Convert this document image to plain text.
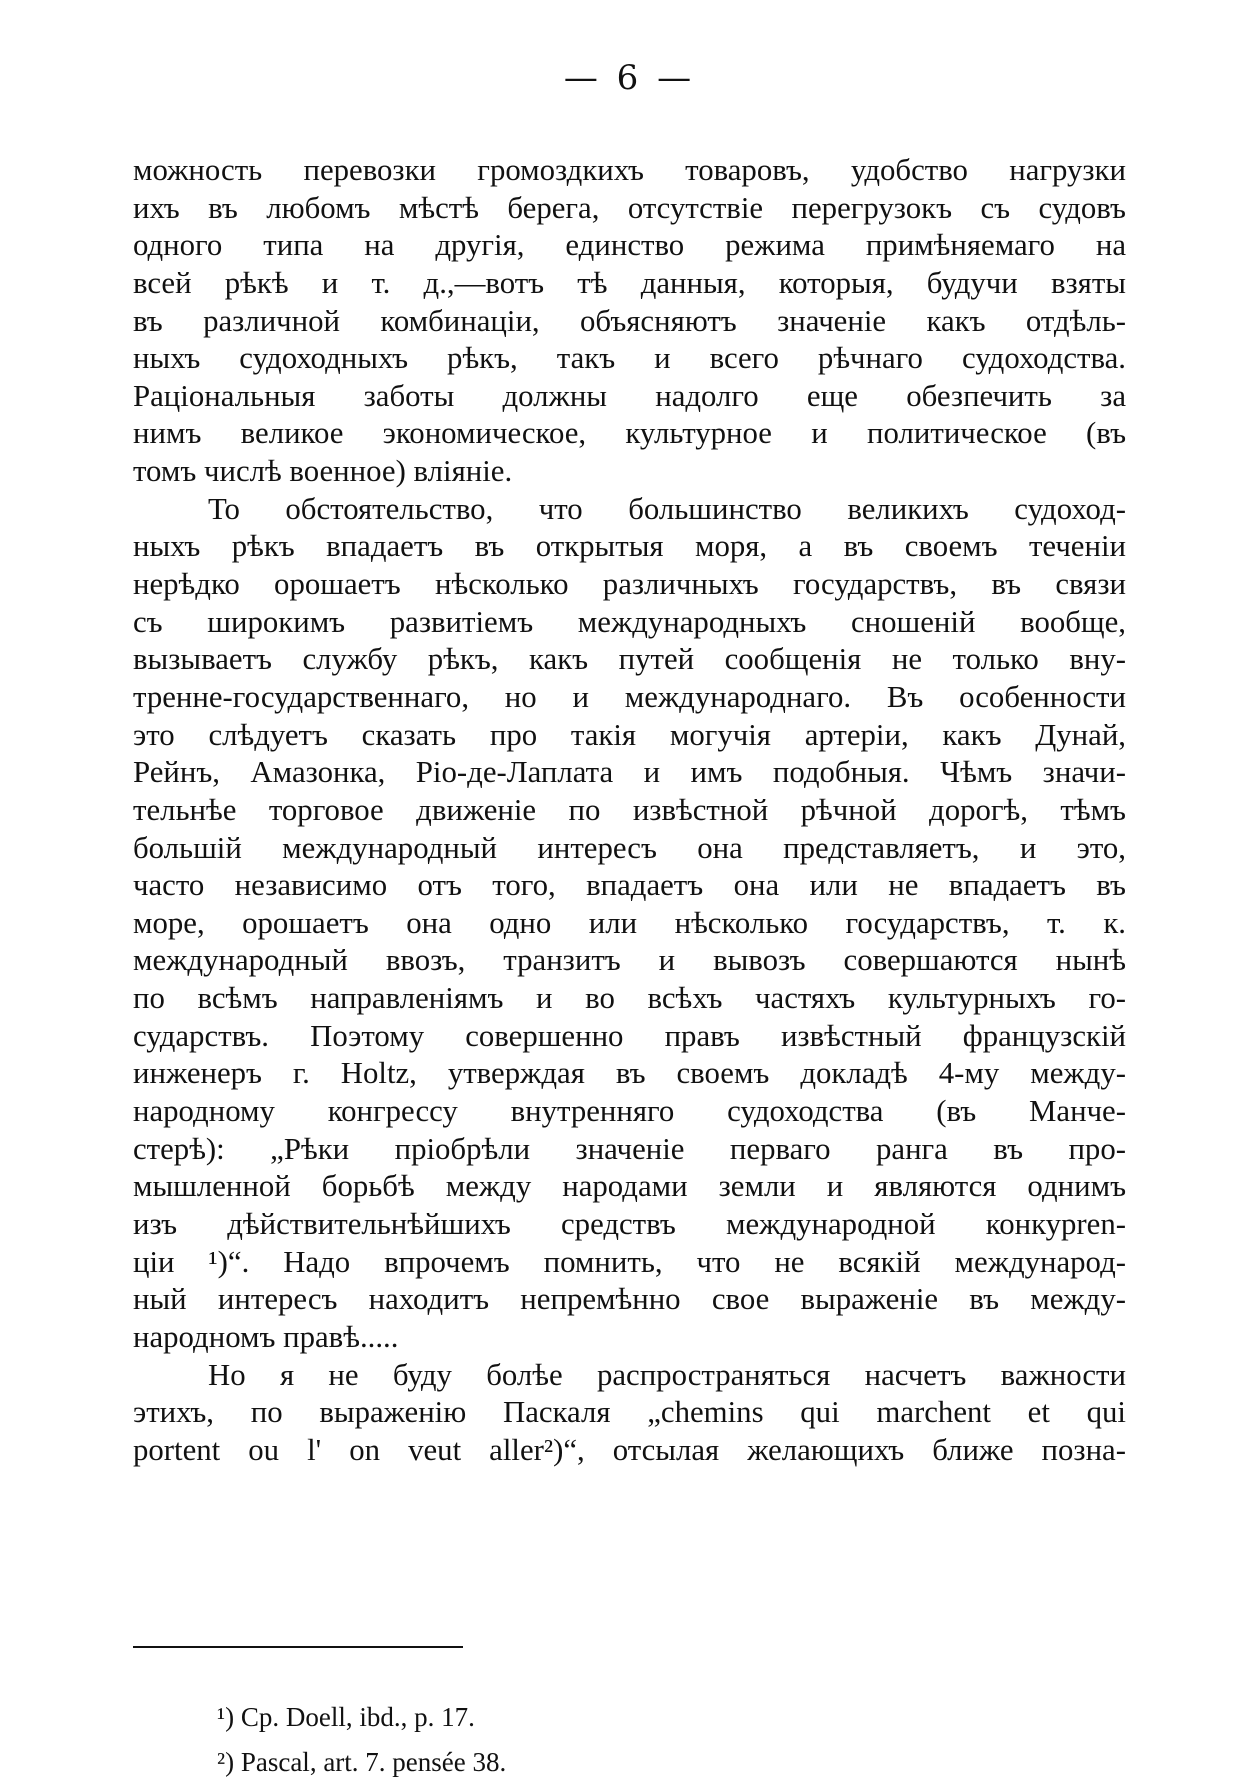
— 6 —
можность перевозки громоздкихъ товаровъ, удобство нагрузки
ихъ въ любомъ мѣстѣ берега, отсутствіе перегрузокъ съ судовъ
одного типа на другія, единство режима примѣняемаго на
всей рѣкѣ и т. д.,—вотъ тѣ данныя, которыя, будучи взяты
въ различной комбинаціи, объясняютъ значеніе какъ отдѣль-
ныхъ судоходныхъ рѣкъ, такъ и всего рѣчнаго судоходства.
Раціональныя заботы должны надолго еще обезпечить за
нимъ великое экономическое, культурное и политическое (въ
томъ числѣ военное) вліяніе.
То обстоятельство, что большинство великихъ судоход-
ныхъ рѣкъ впадаетъ въ открытыя моря, а въ своемъ теченіи
нерѣдко орошаетъ нѣсколько различныхъ государствъ, въ связи
съ широкимъ развитіемъ международныхъ сношеній вообще,
вызываетъ службу рѣкъ, какъ путей сообщенія не только вну-
тренне-государственнаго, но и международнаго. Въ особенности
это слѣдуетъ сказать про такія могучія артеріи, какъ Дунай,
Рейнъ, Амазонка, Ріо-де-Лаплата и имъ подобныя. Чѣмъ значи-
тельнѣе торговое движеніе по извѣстной рѣчной дорогѣ, тѣмъ
большій международный интересъ она представляетъ, и это,
часто независимо отъ того, впадаетъ она или не впадаетъ въ
море, орошаетъ она одно или нѣсколько государствъ, т. к.
международный ввозъ, транзитъ и вывозъ совершаются нынѣ
по всѣмъ направленіямъ и во всѣхъ частяхъ культурныхъ го-
сударствъ. Поэтому совершенно правъ извѣстный французскій
инженеръ г. Holtz, утверждая въ своемъ докладѣ 4-му между-
народному конгрессу внутренняго судоходства (въ Манче-
стерѣ): „Рѣки пріобрѣли значеніе перваго ранга въ про-
мышленной борьбѣ между народами земли и являются однимъ
изъ дѣйствительнѣйшихъ средствъ международной конкурren-
ціи ¹)“. Надо впрочемъ помнить, что не всякій международ-
ный интересъ находитъ непремѣнно свое выраженіе въ между-
народномъ правѣ.....
Но я не буду болѣе распространяться насчетъ важности
этихъ, по выраженію Паскаля „chemins qui marchent et qui
portent ou l' on veut aller²)“, отсылая желающихъ ближе позна-
¹) Cp. Doell, ibd., p. 17.
²) Pascal, art. 7. pensée 38.
